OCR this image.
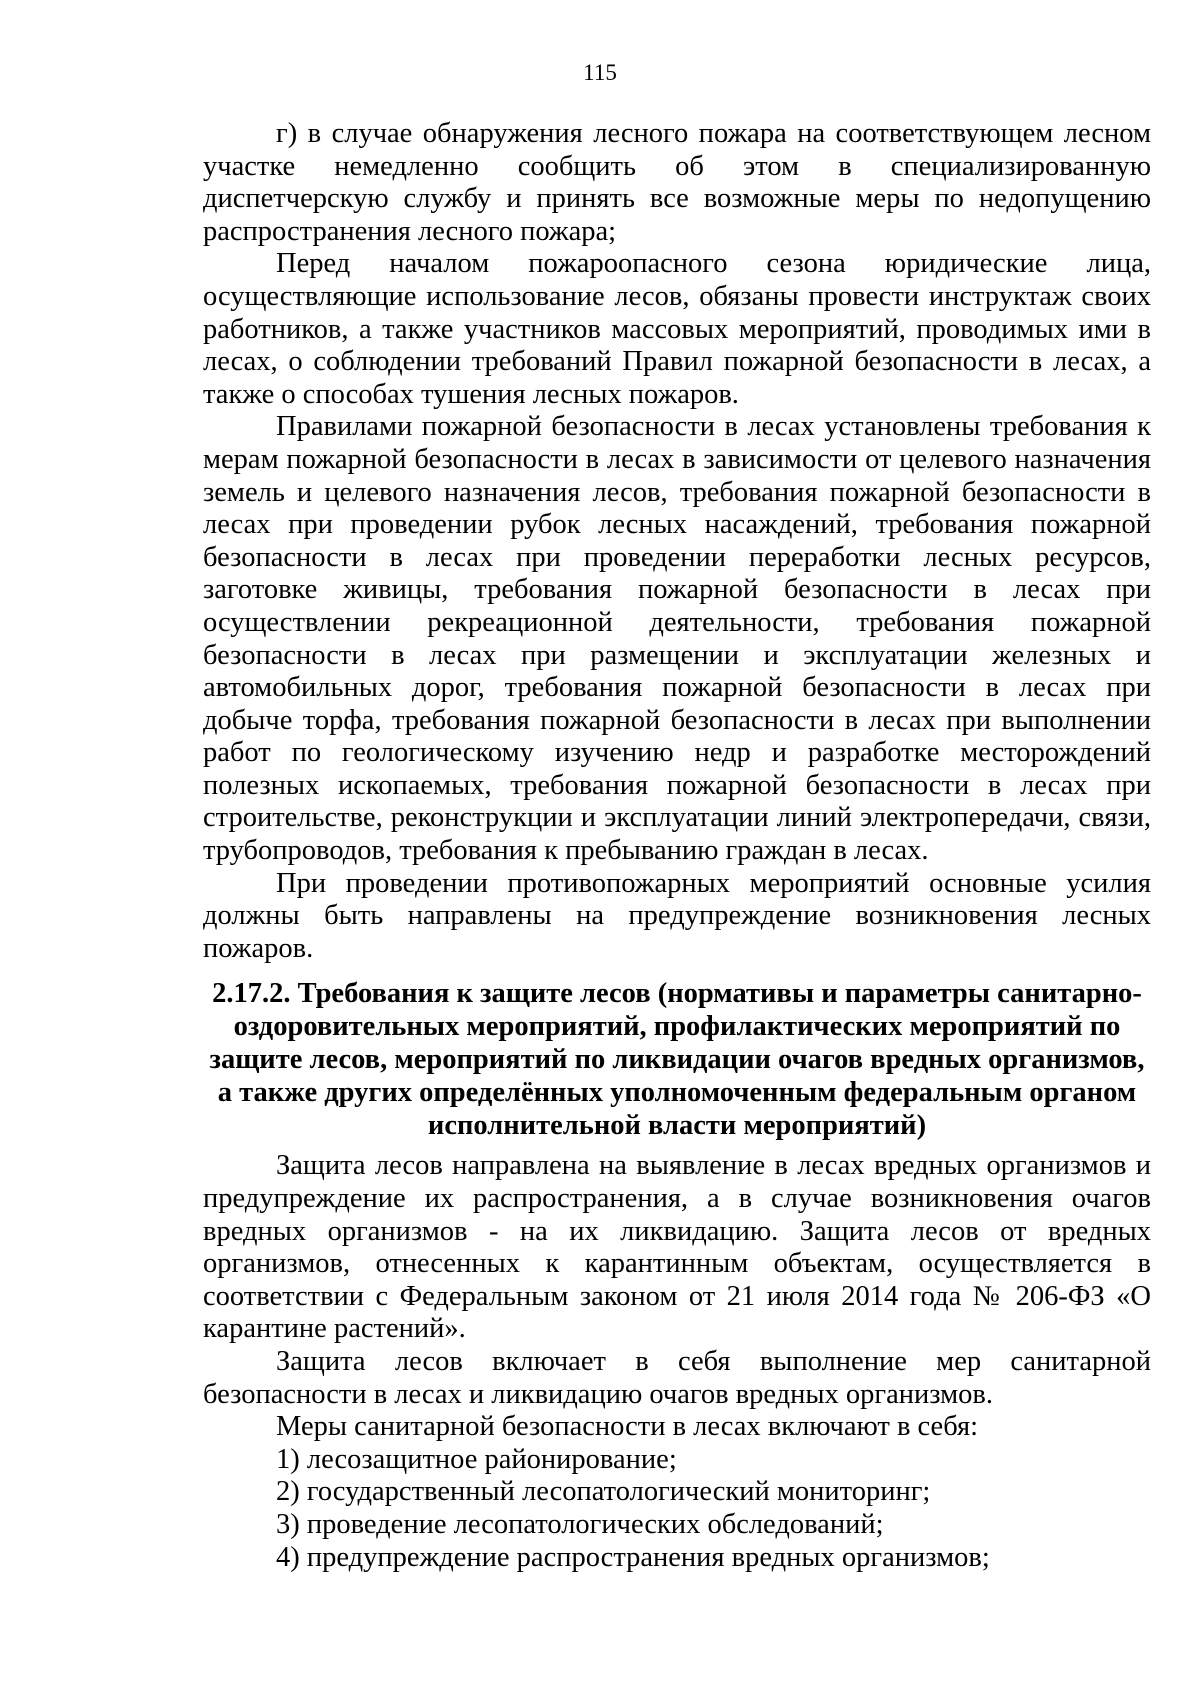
115

г) в случае обнаружения лесного пожара на соответствующем лесном участке немедленно сообщить об этом в специализированную диспетчерскую службу и принять все возможные меры по недопущению распространения лесного пожара;

Перед началом пожароопасного сезона юридические лица, осуществляющие использование лесов, обязаны провести инструктаж своих работников, а также участников массовых мероприятий, проводимых ими в лесах, о соблюдении требований Правил пожарной безопасности в лесах, а также о способах тушения лесных пожаров.

Правилами пожарной безопасности в лесах установлены требования к мерам пожарной безопасности в лесах в зависимости от целевого назначения земель и целевого назначения лесов, требования пожарной безопасности в лесах при проведении рубок лесных насаждений, требования пожарной безопасности в лесах при проведении переработки лесных ресурсов, заготовке живицы, требования пожарной безопасности в лесах при осуществлении рекреационной деятельности, требования пожарной безопасности в лесах при размещении и эксплуатации железных и автомобильных дорог, требования пожарной безопасности в лесах при добыче торфа, требования пожарной безопасности в лесах при выполнении работ по геологическому изучению недр и разработке месторождений полезных ископаемых, требования пожарной безопасности в лесах при строительстве, реконструкции и эксплуатации линий электропередачи, связи, трубопроводов, требования к пребыванию граждан в лесах.

При проведении противопожарных мероприятий основные усилия должны быть направлены на предупреждение возникновения лесных пожаров.

2.17.2. Требования к защите лесов (нормативы и параметры санитарно-оздоровительных мероприятий, профилактических мероприятий по защите лесов, мероприятий по ликвидации очагов вредных организмов, а также других определённых уполномоченным федеральным органом исполнительной власти мероприятий)

Защита лесов направлена на выявление в лесах вредных организмов и предупреждение их распространения, а в случае возникновения очагов вредных организмов - на их ликвидацию. Защита лесов от вредных организмов, отнесенных к карантинным объектам, осуществляется в соответствии с Федеральным законом от 21 июля 2014 года № 206-ФЗ «О карантине растений».

Защита лесов включает в себя выполнение мер санитарной безопасности в лесах и ликвидацию очагов вредных организмов.

Меры санитарной безопасности в лесах включают в себя:

1) лесозащитное районирование;
2) государственный лесопатологический мониторинг;
3) проведение лесопатологических обследований;
4) предупреждение распространения вредных организмов;
